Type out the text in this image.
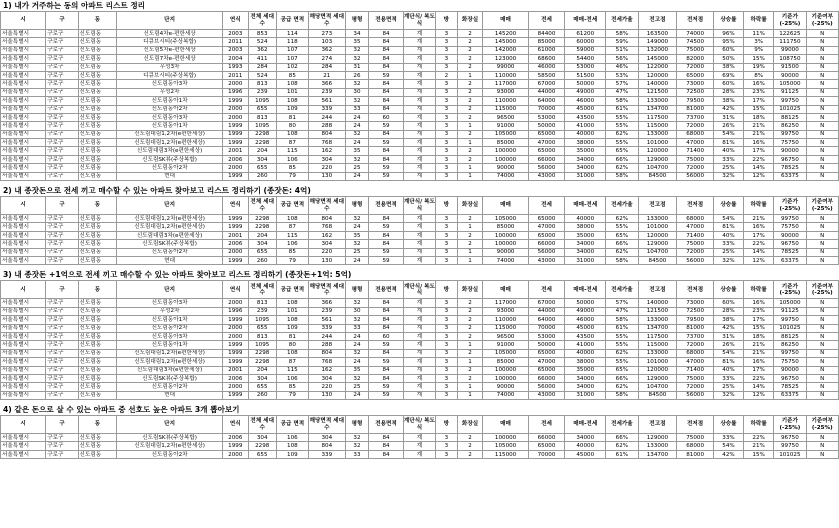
1) 내가 거주하는 동의 아파트 리스트 정리
시	구	동	단지	연식	전체 세대수	공급 면적	해당면적 세대수	평형	전용면적	계단식/ 복도식	방	화장실	매매	전세	매매-전세	전세가율	전고점	전저점	상승률	하락률	기준가 (-25%)	기준여부 (-25%)
서울특별시	구로구	신도림동	신도림4차e-편한세상	2003	853	114	273	34	84	계	3	2	145200	84400	61200	58%	163500	74000	96%	11%	122625	N
서울특별시	구로구	신도림동	디큐브시티(주상복합)	2011	524	118	103	35	84	계	3	2	145000	85000	60000	59%	149000	74500	95%	3%	111750	N
서울특별시	구로구	신도림동	신도림5차e-편한세상	2003	362	107	362	32	84	계	3	2	142000	61000	59000	51%	132000	75000	60%	9%	99000	N
서울특별시	구로구	신도림동	신도림7차e-편한세상	2004	411	107	274	32	84	계	3	2	123000	68600	54400	56%	145000	82000	50%	15%	108750	N
서울특별시	구로구	신도림동	우성3차	1993	284	102	284	31	84	계	3	2	99000	46000	53000	46%	122000	72000	38%	19%	91500	N
서울특별시	구로구	신도림동	디큐브시티(주상복합)	2011	524	85	21	26	59	계	2	1	110000	58500	51500	53%	120000	65000	69%	8%	90000	N
서울특별시	구로구	신도림동	신도림동아3차	2000	813	108	366	32	84	계	3	2	117000	67000	50000	57%	140000	73000	60%	16%	105000	N
서울특별시	구로구	신도림동	우성2차	1996	239	101	239	30	84	계	3	2	93000	44000	49000	47%	121500	72500	28%	23%	91125	N
서울특별시	구로구	신도림동	신도림동아1차	1999	1095	108	561	32	84	계	3	2	110000	64000	46000	58%	133000	79500	38%	17%	99750	N
서울특별시	구로구	신도림동	신도림동아2차	2000	655	109	339	33	84	계	3	2	115000	70000	45000	61%	134700	81000	42%	15%	101025	N
서울특별시	구로구	신도림동	신도림동아3차	2000	813	81	244	24	60	계	3	2	96500	53000	43500	55%	117500	73700	31%	18%	88125	N
서울특별시	구로구	신도림동	신도림동아1차	1999	1095	80	288	24	59	계	3	1	91000	50000	41000	55%	115000	72000	26%	21%	86250	N
서울특별시	구로구	신도림동	신도림대림1,2차(e편한세상)	1999	2298	108	804	32	84	계	3	2	105000	65000	40000	62%	133000	68000	54%	21%	99750	N
서울특별시	구로구	신도림동	신도림대림1,2차(e편한세상)	1999	2298	87	768	24	59	계	3	1	85000	47000	38000	55%	101000	47000	81%	16%	75750	N
서울특별시	구로구	신도림동	신도림대림3차(e편한세상)	2001	204	115	162	35	84	계	3	2	100000	65000	35000	65%	120000	71400	40%	17%	90000	N
서울특별시	구로구	신도림동	신도림SK뷰(주상복합)	2006	304	106	304	32	84	계	3	2	100000	66000	34000	66%	129000	75000	33%	22%	96750	N
서울특별시	구로구	신도림동	신도림동아2차	2000	655	85	220	25	59	계	3	1	90000	56000	34000	62%	104700	72000	25%	14%	78525	N
서울특별시	구로구	신도림동	현대	1999	260	79	130	24	59	계	3	1	74000	43000	31000	58%	84500	56000	32%	12%	63375	N
2) 내 종잣돈으로 전세 끼고 매수할 수 있는 아파트 찾아보고 리스트 정리하기 (종잣돈: 4억)
시	구	동	단지	연식	전체 세대수	공급 면적	해당면적 세대수	평형	전용면적	계단식/ 복도식	방	화장실	매매	전세	매매-전세	전세가율	전고점	전저점	상승률	하락률	기준가 (-25%)	기준여부 (-25%)
서울특별시	구로구	신도림동	신도림대림1,2차(e편한세상)	1999	2298	108	804	32	84	계	3	2	105000	65000	40000	62%	133000	68000	54%	21%	99750	N
서울특별시	구로구	신도림동	신도림대림1,2차(e편한세상)	1999	2298	87	768	24	59	계	3	1	85000	47000	38000	55%	101000	47000	81%	16%	75750	N
서울특별시	구로구	신도림동	신도림대림3차(e편한세상)	2001	204	115	162	35	84	계	3	2	100000	65000	35000	65%	120000	71400	40%	17%	90000	N
서울특별시	구로구	신도림동	신도림SK뷰(주상복합)	2006	304	106	304	32	84	계	3	2	100000	66000	34000	66%	129000	75000	33%	22%	96750	N
서울특별시	구로구	신도림동	신도림동아2차	2000	655	85	220	25	59	계	3	1	90000	56000	34000	62%	104700	72000	25%	14%	78525	N
서울특별시	구로구	신도림동	현대	1999	260	79	130	24	59	계	3	1	74000	43000	31000	58%	84500	56000	32%	12%	63375	N
3) 내 종잣돈 +1억으로 전세 끼고 매수할 수 있는 아파트 찾아보고 리스트 정리하기 (종잣돈+1억: 5억)
시	구	동	단지	연식	전체 세대수	공급 면적	해당면적 세대수	평형	전용면적	계단식/ 복도식	방	화장실	매매	전세	매매-전세	전세가율	전고점	전저점	상승률	하락률	기준가 (-25%)	기준여부 (-25%)
서울특별시	구로구	신도림동	신도림동아3차	2000	813	108	366	32	84	계	3	2	117000	67000	50000	57%	140000	73000	60%	16%	105000	N
서울특별시	구로구	신도림동	우성2차	1996	239	101	239	30	84	계	3	2	93000	44000	49000	47%	121500	72500	28%	23%	91125	N
서울특별시	구로구	신도림동	신도림동아1차	1999	1095	108	561	32	84	계	3	2	110000	64000	46000	58%	133000	79500	38%	17%	99750	N
서울특별시	구로구	신도림동	신도림동아2차	2000	655	109	339	33	84	계	3	2	115000	70000	45000	61%	134700	81000	42%	15%	101025	N
서울특별시	구로구	신도림동	신도림동아3차	2000	813	81	244	24	60	계	3	2	96500	53000	43500	55%	117500	73700	31%	18%	88125	N
서울특별시	구로구	신도림동	신도림동아1차	1999	1095	80	288	24	59	계	3	1	91000	50000	41000	55%	115000	72000	26%	21%	86250	N
서울특별시	구로구	신도림동	신도림대림1,2차(e편한세상)	1999	2298	108	804	32	84	계	3	2	105000	65000	40000	62%	133000	68000	54%	21%	99750	N
서울특별시	구로구	신도림동	신도림대림1,2차(e편한세상)	1999	2298	87	768	24	59	계	3	1	85000	47000	38000	55%	101000	47000	81%	16%	75750	N
서울특별시	구로구	신도림동	신도림대림3차(e편한세상)	2001	204	115	162	35	84	계	3	2	100000	65000	35000	65%	120000	71400	40%	17%	90000	N
서울특별시	구로구	신도림동	신도림SK뷰(주상복합)	2006	304	106	304	32	84	계	3	2	100000	66000	34000	66%	129000	75000	33%	22%	96750	N
서울특별시	구로구	신도림동	신도림동아2차	2000	655	85	220	25	59	계	3	1	90000	56000	34000	62%	104700	72000	25%	14%	78525	N
서울특별시	구로구	신도림동	현대	1999	260	79	130	24	59	계	3	1	74000	43000	31000	58%	84500	56000	32%	12%	63375	N
4) 같은 돈으로 살 수 있는 아파트 중 선호도 높은 아파트 3개 뽑아보기
시	구	동	단지	연식	전체 세대수	공급 면적	해당면적 세대수	평형	전용면적	계단식/ 복도식	방	화장실	매매	전세	매매-전세	전세가율	전고점	전저점	상승률	하락률	기준가 (-25%)	기준여부 (-25%)
서울특별시	구로구	신도림동	신도림SK뷰(주상복합)	2006	304	106	304	32	84	계	3	2	100000	66000	34000	66%	129000	75000	33%	22%	96750	N
서울특별시	구로구	신도림동	신도림대림1,2차(e편한세상)	1999	2298	108	804	32	84	계	3	2	105000	65000	40000	62%	133000	68000	54%	21%	99750	N
서울특별시	구로구	신도림동	신도림동아2차	2000	655	109	339	33	84	계	3	2	115000	70000	45000	61%	134700	81000	42%	15%	101025	N
